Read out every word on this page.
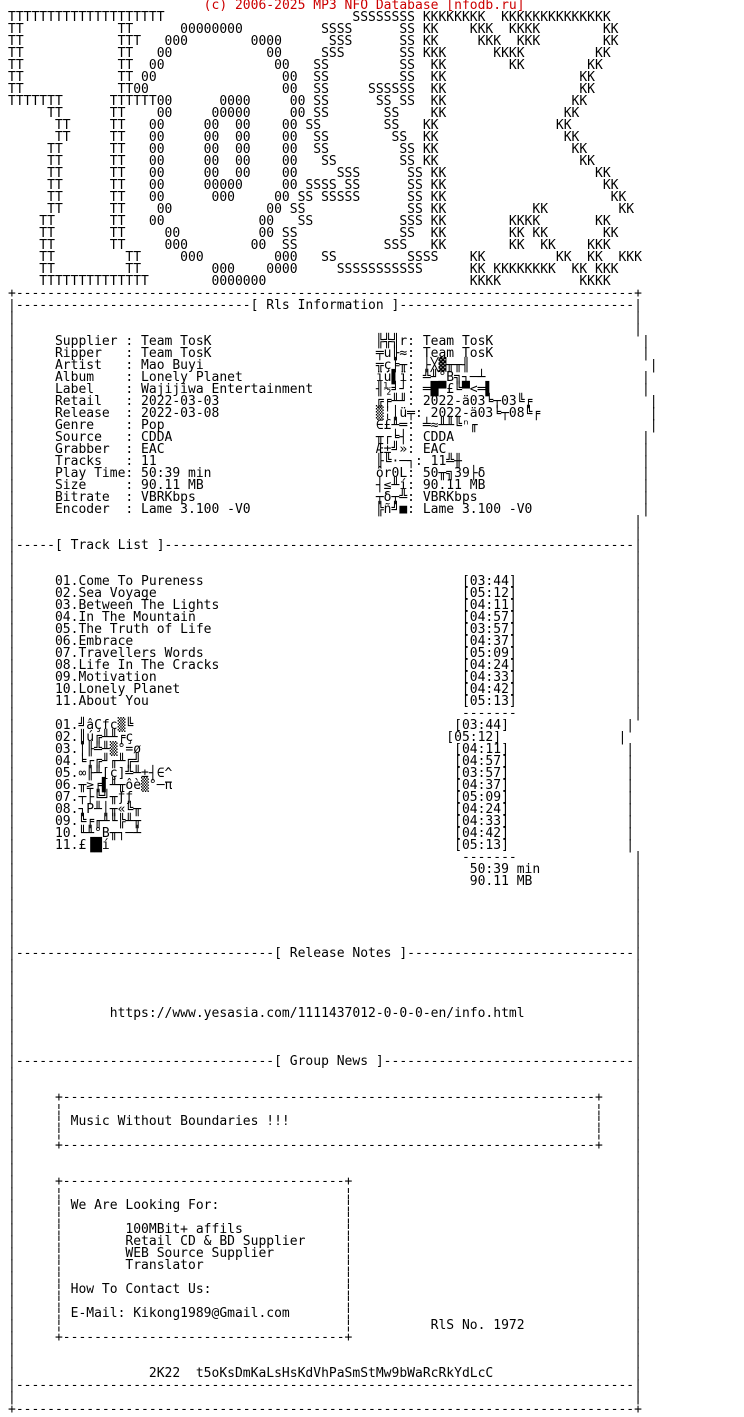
(c) 2006-2025 MP3 NFO Database [nfodb.ru]
TTTTTTTTTTTTTTTTTTTT                        SSSSSSSS KKKKKKKK  KKKKKKKKKKKKKK
TT            TT      00000000          SSSS      SS KK    KKK  KKKK        KK
TT            TTT   000        0000      SSS      SS KK     KKK  KKK        KK
TT            TT   00            00     SSS       SS KKK      KKKK         KK
TT            TT  00              00   SS         SS  KK        KK        KK
TT            TT 00                00  SS         SS  KK                 KK
TT            TT00                 00  SS     SSSSSS  KK                 KK
TTTTTTT      TTTTTT00      0000     00 SS      SS SS  KK                KK
TT      TT    00     00000     00 SS       SS    KK               KK
TT     TT   00     00  00    00 SS        SS   KK               KK
TT     TT   00     00  00    00  SS        SS  KK                KK
TT      TT   00     00  00    00  SS         SS KK                 KK
TT      TT   00     00  00    00   SS        SS KK                  KK
TT      TT   00     00  00    00     SSS      SS KK                   KK
TT      TT   00     00000     00 SSSS SS      SS KK                    KK
TT      TT   00      000     00 SS SSSSS      SS KK                     KK
TT      TT    00            00 SS             SS KK           KK         KK
TT       TT   00            00   SS           SSS KK        KKKK       KK
TT       TT     00          00 SS             SS  KK        KK KK       KK
TT       TT     000        00  SS           SSS   KK        KK  KK    KKK
TT         TT     000         000   SS         SSSS    KK         KK  KK  KKK
TT         TT         000    0000     SSSSSSSSSSS      KK KKKKKKKK  KK KKK
TTTTTTTTTTTTTT        0000000                          KKKK          KKKK
+-------------------------------------------------------------------------------+
|------------------------------[ Rls Information ]------------------------------|
|                                                                               |
|                                                                               |
|     Supplier : Team TosK                     ╠╬╣r: Team TosK                   |
|     Ripper   : Team TosK                     ╤u╟≈: Team TosK                   |
|     Artist   : Mao Buyi                      ╦ç╞╥: ├╳▓╥╥╢                       |
|     Album    : Lonely Planet                 ïú▌ï: ╩╜°B╗┐─┴                    |
|     Label    : Wajijiwa Entertainment        ╢½╛┘: ═█▀£╚▀<═▌                   |
|     Retail   : 2022-03-03                    ╔╒╨╜: 2022-ä03╘┬03╚╒               |
|     Release  : 2022-03-08                    ▒╎│ü╤: 2022-ä03╘┬08╚╒              |
|     Genre    : Pop                           ∈£╨═: ╧≈╨╨╚ⁿ╓                      |
|     Source   : CDDA                          ╥┌╘┤: CDDA                        |
|     Grabber  : EAC                           Æ±╝»: EAC                         |
|     Tracks   : 11                            ╟╚·─┐: 11╩╫                       |
|     Play Time: 50:39 min                     ôr0L: 50╥╗39├δ                    |
|     Size     : 90.11 MB                      ┤≤╨í: 90.11 MB                    |
|     Bitrate  : VBRKbps                       ┬δ┬╩: VBRKbps                     |
|     Encoder  : Lame 3.100 -V0                ╠ñ╝■: Lame 3.100 -V0              |
|                                                                               |
|                                                                               |
|-----[ Track List ]------------------------------------------------------------|
|                                                                               |
|                                                                               |
|     01.Come To Pureness                                 [03:44]               |
|     02.Sea Voyage                                       [05:12]               |
|     03.Between The Lights                               [04:11]               |
|     04.In The Mountain                                  [04:57]               |
|     05.The Truth of Life                                [03:57]               |
|     06.Embrace                                          [04:37]               |
|     07.Travellers Words                                 [05:09]               |
|     08.Life In The Cracks                               [04:24]               |
|     09.Motivation                                       [04:33]               |
|     10.Lonely Planet                                    [04:42]               |
|     11.About You                                        [05:13]               |
|                                                         -------               |
|     01.╝âÇfc▒╚                                         [03:44]               |
|     02.║ú╔╨╨╒ç                                        [05:12]               |
|     03.│╟╩╨▒°=ø                                        [04:11]               |
|     04.╘┌╔╜╓╨╔╝                                        [04:57]               |
|     05.∞╟╨[ç]╩╨±┤∈^                                    [03:57]               |
|     06.╥≥╒▌╨╥ôè▒°─π                                    [04:37]               |
|     07.┬├╚╝╥ƒƒ                                         [05:09]               |
|     08.┐P╨│╥«╚╥                                        [04:24]               |
|     09.╚╒╓╨╙╠╨╥                                        [04:33]               |
|     10.╙╨°B╥┐─┴                                        [04:42]               |
|     11.£▐█í                                            [05:13]               |
|                                                         -------               |
|                                                          50:39 min            |
|                                                          90.11 MB             |
|                                                                               |
|                                                                               |
|                                                                               |
|                                                                               |
|                                                                               |
|---------------------------------[ Release Notes ]-----------------------------|
|                                                                               |
|                                                                               |
|                                                                               |
|                                                                               |
|            https://www.yesasia.com/1111437012-0-0-0-en/info.html              |
|                                                                               |
|                                                                               |
|                                                                               |
|---------------------------------[ Group News ]--------------------------------|
|                                                                               |
|                                                                               |
|     +--------------------------------------------------------------------+    |
|     ¦                                                                    ¦    |
|     ¦ Music Without Boundaries !!!                                       ¦    |
|     ¦                                                                    ¦    |
|     +--------------------------------------------------------------------+    |
|                                                                               |
|                                                                               |
|     +------------------------------------+                                    |
|     ¦                                    ¦                                    |
|     ¦ We Are Looking For:                ¦                                    |
|     ¦                                    ¦                                    |
|     ¦        100MBit+ affils             ¦                                    |
|     ¦        Retail CD & BD Supplier     ¦                                    |
|     ¦        WEB Source Supplier         ¦                                    |
|     ¦        Translator                  ¦                                    |
|     ¦                                    ¦                                    |
|     ¦ How To Contact Us:                 ¦                                    |
|     ¦                                    ¦                                    |
|     ¦ E-Mail: Kikong1989@Gmail.com       ¦                                    |
|     ¦                                    ¦          RlS No. 1972              |
|     +------------------------------------+                                    |
|                                                                               |
|                                                                               |
|                 2K22  t5oKsDmKaLsHsKdVhPaSmStMw9bWaRcRkYdLcC                  |
|-------------------------------------------------------------------------------|
|                                                                               |
+-------------------------------------------------------------------------------+
